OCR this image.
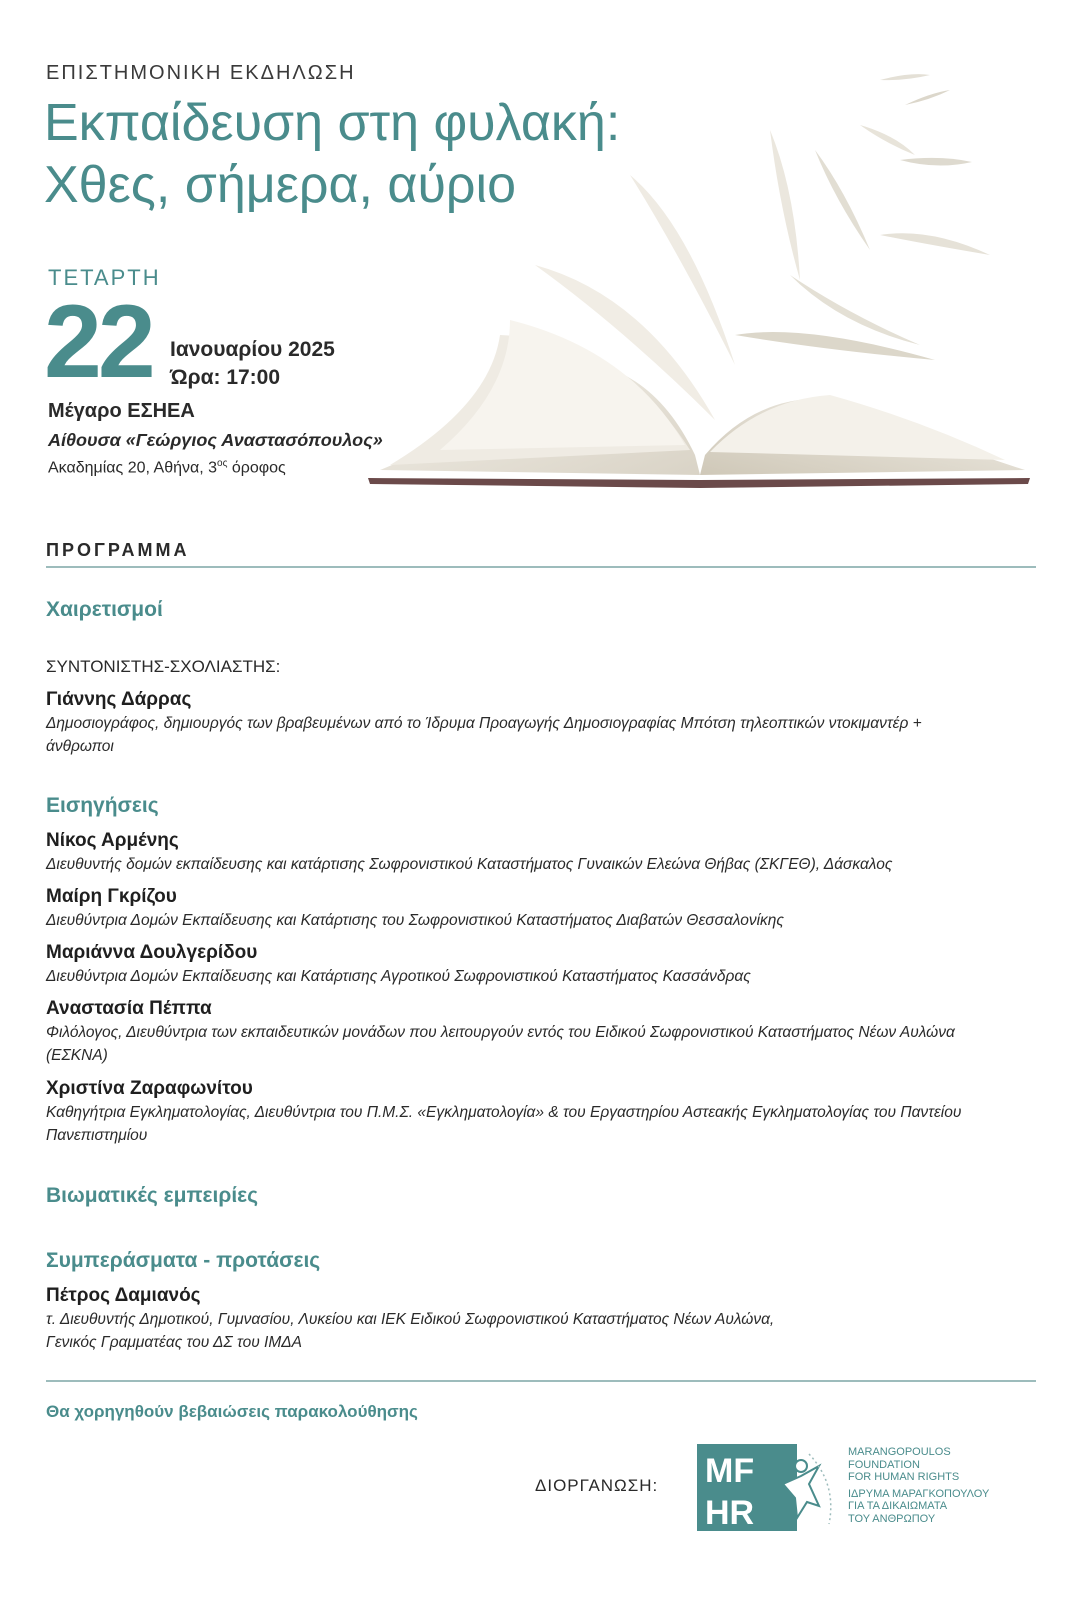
ΕΠΙΣΤΗΜΟΝΙΚΗ ΕΚΔΗΛΩΣΗ
Εκπαίδευση στη φυλακή:
Χθες, σήμερα, αύριο
ΤΕΤΑΡΤΗ
22 Ιανουαρίου 2025
Ώρα: 17:00
Μέγαρο ΕΣΗΕΑ
Αίθουσα «Γεώργιος Αναστασόπουλος»
Ακαδημίας 20, Αθήνα, $3^{o\varsigma}$ όροφος
ΠΡΟΓΡΑΜΜΑ
Χαιρετισμοί
ΣΥΝΤΟΝΙΣΤΗΣ-ΣΧΟΛΙΑΣΤΗΣ:
Γιάννης Δάρρας
Δημοσιογράφος, δημιουργός των βραβευμένων από το Ίδρυμα Προαγωγής Δημοσιογραφίας Μπότση τηλεοπτικών ντοκιμαντέρ + άνθρωποι
Εισηγήσεις
Νίκος Αρμένης
Διευθυντής δομών εκπαίδευσης και κατάρτισης Σωφρονιστικού Καταστήματος Γυναικών Ελεώνα Θήβας (ΣΚΓΕΘ), Δάσκαλος
Μαίρη Γκρίζου
Διευθύντρια Δομών Εκπαίδευσης και Κατάρτισης του Σωφρονιστικού Καταστήματος Διαβατών Θεσσαλονίκης
Μαριάννα Δουλγερίδου
Διευθύντρια Δομών Εκπαίδευσης και Κατάρτισης Αγροτικού Σωφρονιστικού Καταστήματος Κασσάνδρας
Αναστασία Πέππα
Φιλόλογος, Διευθύντρια των εκπαιδευτικών μονάδων που λειτουργούν εντός του Ειδικού Σωφρονιστικού Καταστήματος Νέων Αυλώνα (ΕΣΚΝΑ)
Χριστίνα Ζαραφωνίτου
Καθηγήτρια Εγκληματολογίας, Διευθύντρια του Π.Μ.Σ. «Εγκληματολογία» & του Εργαστηρίου Αστεακής Εγκληματολογίας του Παντείου Πανεπιστημίου
Βιωματικές εμπειρίες
Συμπεράσματα - προτάσεις
Πέτρος Δαμιανός
τ. Διευθυντής Δημοτικού, Γυμνασίου, Λυκείου και ΙΕΚ Ειδικού Σωφρονιστικού Καταστήματος Νέων Αυλώνα,
Γενικός Γραμματέας του ΔΣ του ΙΜΔΑ
Θα χορηγηθούν βεβαιώσεις παρακολούθησης
ΔΙΟΡΓΑΝΩΣΗ: MF
HR
MARANGOPOULOS
FOUNDATION
FOR HUMAN RIGHTS
ΙΔΡΥΜΑ ΜΑΡΑΓΚΟΠΟΥΛΟΥ
ΓΙΑ ΤΑ ΔΙΚΑΙΩΜΑΤΑ
ΤΟΥ ΑΝΘΡΩΠΟΥ
